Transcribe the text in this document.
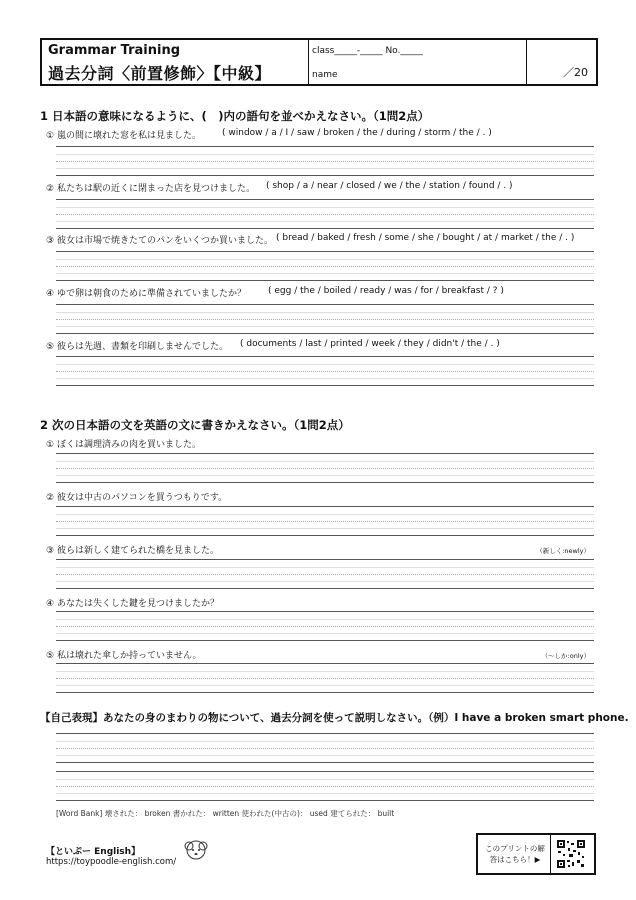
Grammar Training
過去分詞〈前置修飾〉【中級】
class_____-_____ No._____
name	／20
1 日本語の意味になるように、(　)内の語句を並べかえなさい。（1問2点）
① 嵐の間に壊れた窓を私は見ました。 ( window / a / I / saw / broken / the / during / storm / the / . )
② 私たちは駅の近くに閉まった店を見つけました。 ( shop / a / near / closed / we / the / station / found / . )
③ 彼女は市場で焼きたてのパンをいくつか買いました。 ( bread / baked / fresh / some / she / bought / at / market / the / . )
④ ゆで卵は朝食のために準備されていましたか？ ( egg / the / boiled / ready / was / for / breakfast / ? )
⑤ 彼らは先週、書類を印刷しませんでした。 ( documents / last / printed / week / they / didn't / the / . )
2 次の日本語の文を英語の文に書きかえなさい。（1問2点）
① ぼくは調理済みの肉を買いました。
② 彼女は中古のパソコンを買うつもりです。
③ 彼らは新しく建てられた橋を見ました。	（新しく:newly）
④ あなたは失くした鍵を見つけましたか？
⑤ 私は壊れた傘しか持っていません。	（～しか:only）
【自己表現】あなたの身のまわりの物について、過去分詞を使って説明しなさい。（例）I have a broken smart phone.
[Word Bank] 壊された： broken 書かれた： written 使われた(中古の)： used 建てられた： built
【といぷー English】
https://toypoodle-english.com/
このプリントの解答はこちら！▶
